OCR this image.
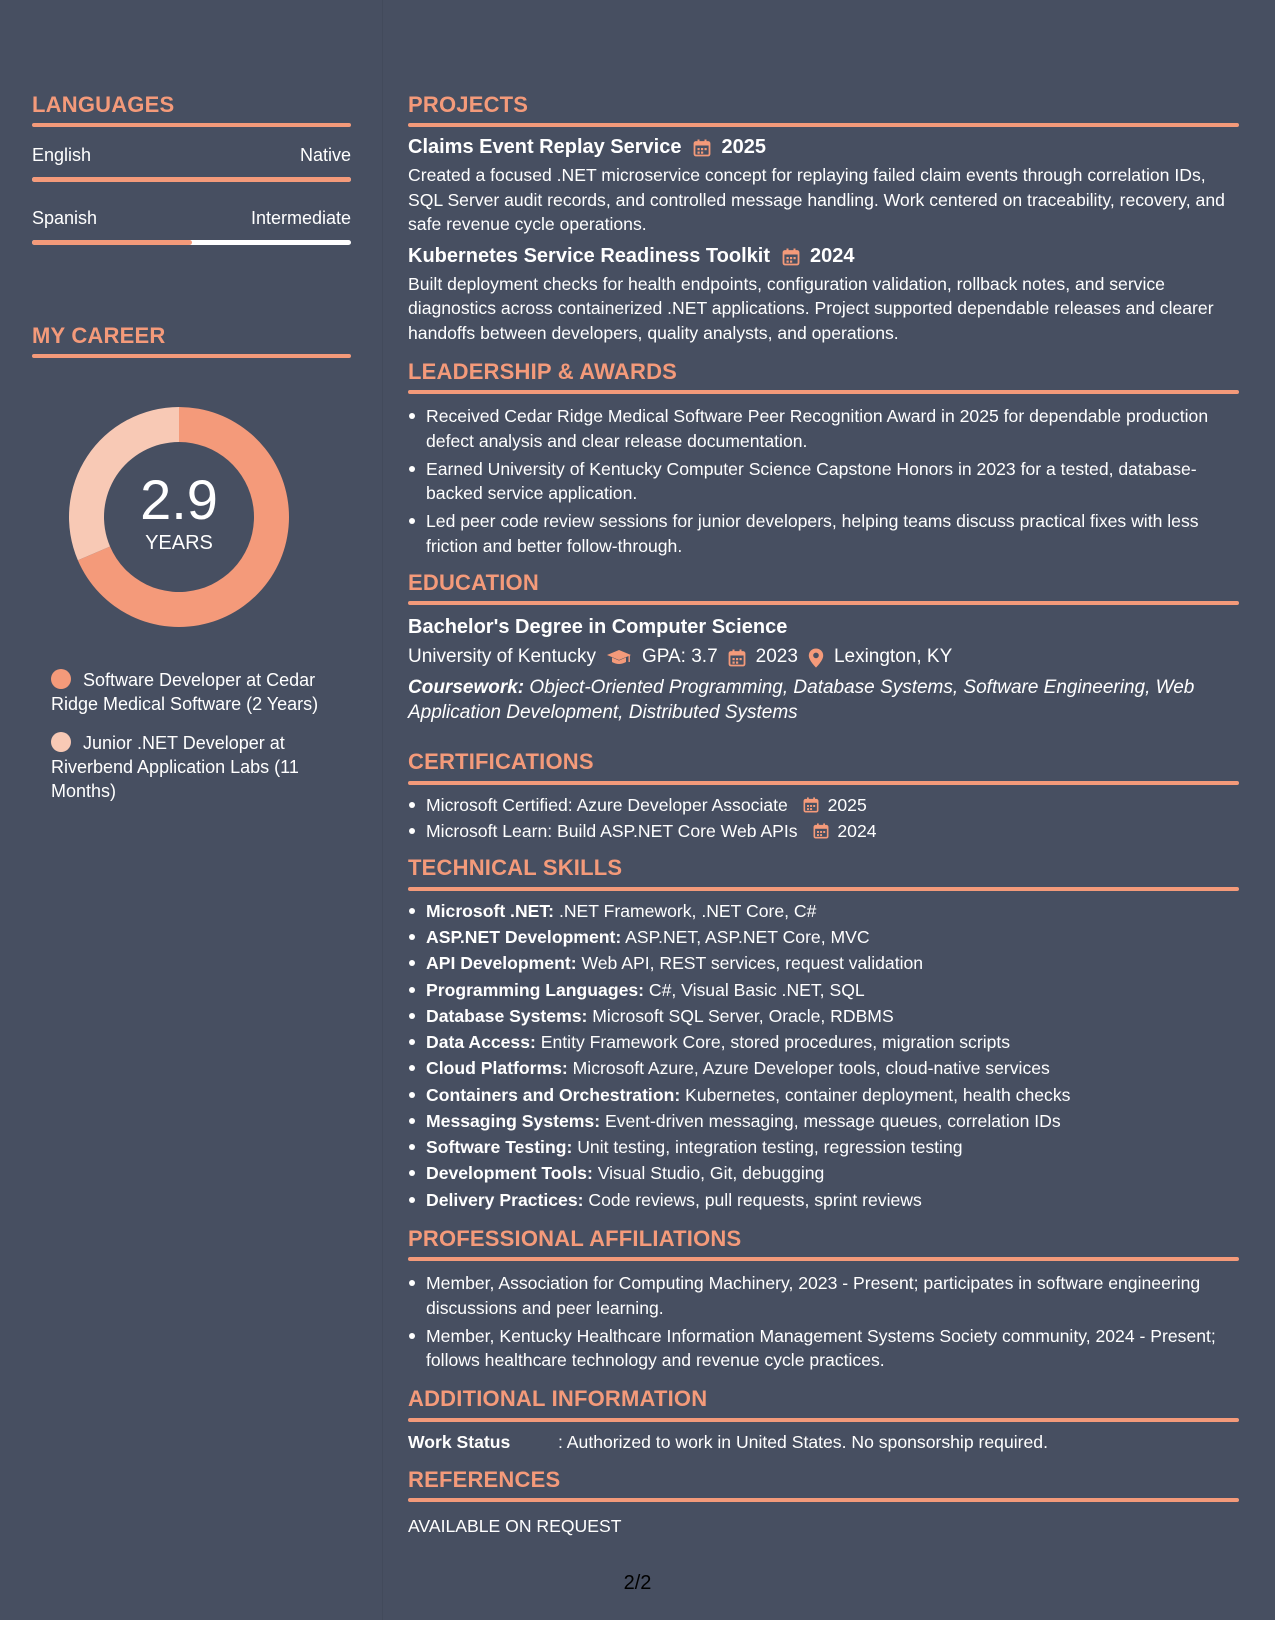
LANGUAGES
English	Native
Spanish	Intermediate
MY CAREER
2.9
YEARS
Software Developer at Cedar Ridge Medical Software (2 Years)
Junior .NET Developer at Riverbend Application Labs (11 Months)
PROJECTS
Claims Event Replay Service 2025
Created a focused .NET microservice concept for replaying failed claim events through correlation IDs, SQL Server audit records, and controlled message handling. Work centered on traceability, recovery, and safe revenue cycle operations.
Kubernetes Service Readiness Toolkit 2024
Built deployment checks for health endpoints, configuration validation, rollback notes, and service diagnostics across containerized .NET applications. Project supported dependable releases and clearer handoffs between developers, quality analysts, and operations.
LEADERSHIP & AWARDS
Received Cedar Ridge Medical Software Peer Recognition Award in 2025 for dependable production defect analysis and clear release documentation.
Earned University of Kentucky Computer Science Capstone Honors in 2023 for a tested, database-backed service application.
Led peer code review sessions for junior developers, helping teams discuss practical fixes with less friction and better follow-through.
EDUCATION
Bachelor's Degree in Computer Science
University of Kentucky GPA: 3.7 2023 Lexington, KY
Coursework: Object-Oriented Programming, Database Systems, Software Engineering, Web Application Development, Distributed Systems
CERTIFICATIONS
Microsoft Certified: Azure Developer Associate 2025
Microsoft Learn: Build ASP.NET Core Web APIs 2024
TECHNICAL SKILLS
Microsoft .NET: .NET Framework, .NET Core, C#
ASP.NET Development: ASP.NET, ASP.NET Core, MVC
API Development: Web API, REST services, request validation
Programming Languages: C#, Visual Basic .NET, SQL
Database Systems: Microsoft SQL Server, Oracle, RDBMS
Data Access: Entity Framework Core, stored procedures, migration scripts
Cloud Platforms: Microsoft Azure, Azure Developer tools, cloud-native services
Containers and Orchestration: Kubernetes, container deployment, health checks
Messaging Systems: Event-driven messaging, message queues, correlation IDs
Software Testing: Unit testing, integration testing, regression testing
Development Tools: Visual Studio, Git, debugging
Delivery Practices: Code reviews, pull requests, sprint reviews
PROFESSIONAL AFFILIATIONS
Member, Association for Computing Machinery, 2023 - Present; participates in software engineering discussions and peer learning.
Member, Kentucky Healthcare Information Management Systems Society community, 2024 - Present; follows healthcare technology and revenue cycle practices.
ADDITIONAL INFORMATION
Work Status	: Authorized to work in United States. No sponsorship required.
REFERENCES
AVAILABLE ON REQUEST
2/2
